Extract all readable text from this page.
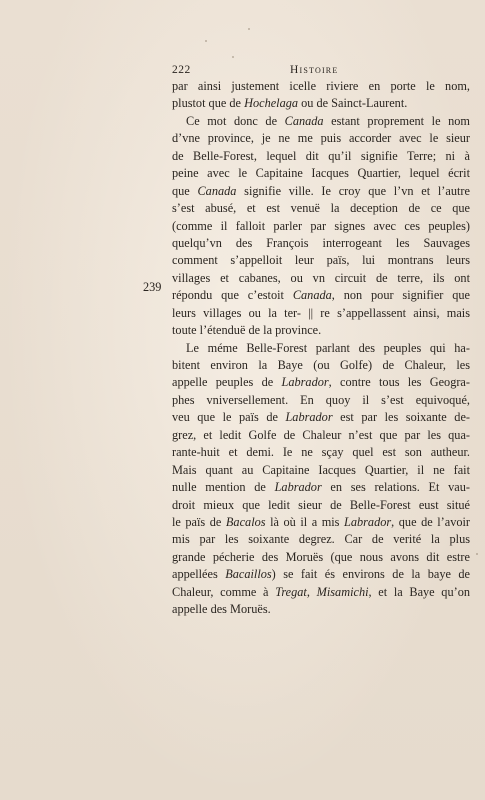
222	Histoire
239
par ainsi justement icelle riviere en porte le nom,
plustot que de Hochelaga ou de Sainct-Laurent.
Ce mot donc de Canada estant proprement le nom
d’vne province, je ne me puis accorder avec le sieur
de Belle-Forest, lequel dit qu’il signifie Terre; ni à
peine avec le Capitaine Iacques Quartier, lequel écrit
que Canada signifie ville. Ie croy que l’vn et l’autre
s’est abusé, et est venuë la deception de ce que
(comme il falloit parler par signes avec ces peuples)
quelqu’vn des François interrogeant les Sauvages
comment s’appelloit leur païs, lui montrans leurs
villages et cabanes, ou vn circuit de terre, ils ont
répondu que c’estoit Canada, non pour signifier que
leurs villages ou la ter- || re s’appellassent ainsi, mais
toute l’étenduë de la province.
Le méme Belle-Forest parlant des peuples qui ha-
bitent environ la Baye (ou Golfe) de Chaleur, les
appelle peuples de Labrador, contre tous les Geogra-
phes vniversellement. En quoy il s’est equivoqué,
veu que le païs de Labrador est par les soixante de-
grez, et ledit Golfe de Chaleur n’est que par les qua-
rante-huit et demi. Ie ne sçay quel est son autheur.
Mais quant au Capitaine Iacques Quartier, il ne fait
nulle mention de Labrador en ses relations. Et vau-
droit mieux que ledit sieur de Belle-Forest eust situé
le païs de Bacalos là où il a mis Labrador, que de l’avoir
mis par les soixante degrez. Car de verité la plus
grande pécherie des Moruës (que nous avons dit estre
appellées Bacaillos) se fait és environs de la baye de
Chaleur, comme à Tregat, Misamichi, et la Baye qu’on
appelle des Moruës.
